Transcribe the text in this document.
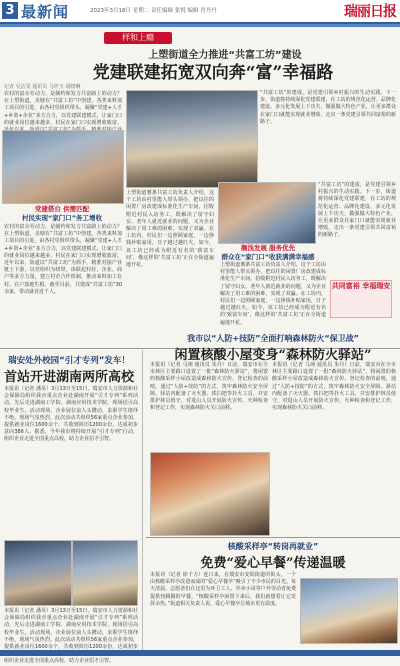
3 最新闻	2023年3月18日 星期二 责任编辑 张悦 编辑 肖丹丹	瑞丽日报
样和上瘾
上塑街道全力推进“共富工坊”建设
党建联建拓宽双向奔“富”幸福路
记者 吴洁雯 通讯员 马祥玉 胡晓琳
农村的富余劳动力，是制约和发力共富路上的动力？在上塑街道，美塘在“共富工坊”中创建，各类来料加工项目的引进，由各村党组织带头，凝聚“党建+人才+乡贤+企业”多方合力，以党建联建模式，让家门口的就业岗位越来越多，村民在家门口实现增收致富。
党建搭台 供需匹配
村民实现“家门口”务工增收
农村的富余劳动力，是制约和发力共富路上的动力？在上塑街道，美塘在“共富工坊”中创建，各类来料加工项目的引进，由各村党组织带头，凝聚“党建+人才+乡贤+企业”多方合力，以党建联建模式，让家门口的就业岗位越来越多，村民在家门口实现增收致富。近年以来，街道以“共富工坊”为抓手，精准对接产业链上下游，以党组织为纽带，串联起村社、企业、商户等多方力量，建立村企合作机制，推动来料加工在村、在户落地生根，截至目前，共建成“共富工坊”30余家，带动就业近千人。
上塑街道薯条共富工坊负责人介绍，这个工坊由村里能人带头领办，把以往的闲置厂房改建成标准化生产车间，招收附近村民入坊务工，既解决了留守妇女、老年人就近就业的问题，又为企业解决了用工难的困难，实现了双赢。在工坊内，村民们一边照顾家庭，一边挣钱补贴家用，日子越过越红火。如今，该工坊已经成为附近有名的‘致富车间’，像这样的‘共富工坊’正在全街道遍地开花。
“共富工坊”的建成，是党建引领乡村振兴的生动实践。下一步，街道将持续深化党建联建，在工坊的规范化运营、品牌化建设、多元化发展上下功夫，做强做大特色产业，让更多群众在家门口就能实现就业增收，走出一条党建引领共同富裕的新路子。
搁浅发展 服务优先
群众在“家门口”收获满满幸福感
“共富工坊”的建成，是党建引领乡村振兴的生动实践。下一步，街道将持续深化党建联建，在工坊的规范化运营、品牌化建设、多元化发展上下功夫，做强做大特色产业，让更多群众在家门口就能实现就业增收，走出一条党建引领共同富裕的新路子。
上塑街道薯条共富工坊负责人介绍，这个工坊由村里能人带头领办，把以往的闲置厂房改建成标准化生产车间，招收附近村民入坊务工，既解决了留守妇女、老年人就近就业的问题，又为企业解决了用工难的困难，实现了双赢。在工坊内，村民们一边照顾家庭，一边挣钱补贴家用，日子越过越红火。如今，该工坊已经成为附近有名的‘致富车间’，像这样的‘共富工坊’正在全街道遍地开花。
共同富裕 幸福瑞安
瑞安处外校园“引才专列”发车！
首站开进湖南两所高校
本报讯（记者 潘昊）3月13日至15日，瑞安市人力资源和社会保障局组织我市重点企业赴湖南开展“引才专列”系列活动，先后走进湖南工学院、湖南应用技术学院，现场招引高校毕业生。活动现场，企业展位前人头攒动，求职学生络绎不绝，现场气氛热烈。此次活动共组织56家重点企业参加，提供就业岗位1600余个，共收到简历1200余份，达成初步意向386人。据悉，今年我市将持续开展“引才专列”行动，组织企业走进全国重点高校，助力企业招才引智。
本报讯（记者 潘昊）3月13日至15日，瑞安市人力资源和社会保障局组织我市重点企业赴湖南开展“引才专列”系列活动，先后走进湖南工学院、湖南应用技术学院，现场招引高校毕业生。活动现场，企业展位前人头攒动，求职学生络绎不绝，现场气氛热烈。此次活动共组织56家重点企业参加，提供就业岗位1600余个，共收到简历1200余份，达成初步 组织企业走进全国重点高校，助力企业招才引智。
我市以“人防+技防”全面打响森林防火“保卫战”
闲置核酸小屋变身“森林防火驿站”
本报讯（记者 马翊 通讯员 朱丹）日前，瑞安市在全市林区主要路口设置了一批“森林防火驿站”，将闲置的核酸采样小屋改造成森林防火宣传、登记检查的前哨，通过“人防+技防”的方式，筑牢森林防火安全屏障。驿站内配备了灭火器、铁扫把等扑火工具，并安排护林员值守，对进山人员开展防火宣传、火种检查和登记工作，实现森林防火关口前移。
本报讯（记者 马翊 通讯员 朱丹）日前，瑞安市在全市林区主要路口设置了一批“森林防火驿站”，将闲置的核酸采样小屋改造成森林防火宣传、登记检查的前哨，通过“人防+技防”的方式，筑牢森林防火安全屏障。驿站内配备了灭火器、铁扫把等扑火工具，并安排护林员值守，对进山人员开展防火宣传、火种检查和登记工作，实现森林防火关口前移。
核酸采样亭“转岗再就业”
免费“爱心早餐”传递温暖
本报讯（记者 徐千力）连日来，在瑞安市安阳街道的街头，一个由核酸采样亭改造而成的“爱心早餐亭”吸引了不少市民的目光。每天清晨，志愿者们在这里为环卫工人、外卖小哥等户外劳动者免费提供热腾腾的早餐。“核酸采样亭闲置下来后，我们就想着让它发挥余热。”街道相关负责人说，爱心早餐亭让城市更有温度。
